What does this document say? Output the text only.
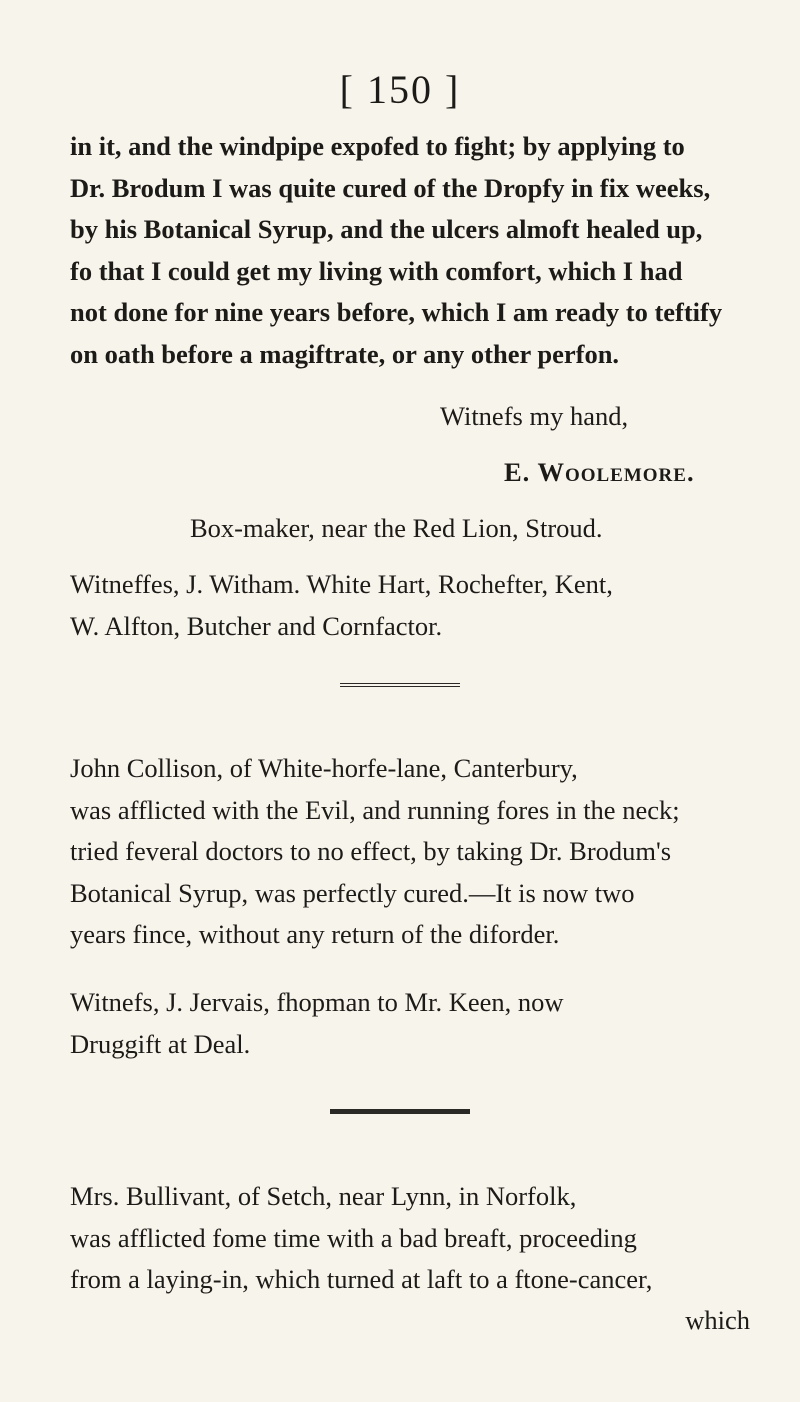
[ 150 ]
in it, and the windpipe expofed to fight; by applying to
Dr. Brodum I was quite cured of the Dropfy in fix weeks,
by his Botanical Syrup, and the ulcers almoft healed up,
fo that I could get my living with comfort, which I had
not done for nine years before, which I am ready to teftify
on oath before a magiftrate, or any other perfon.
Witnefs my hand,
E. Woolemore.
Box-maker, near the Red Lion, Stroud.
Witneffes, J. Witham. White Hart, Rochefter, Kent,
W. Alfton, Butcher and Cornfactor.
John Collison, of White-horfe-lane, Canterbury,
was afflicted with the Evil, and running fores in the neck;
tried feveral doctors to no effect, by taking Dr. Brodum's
Botanical Syrup, was perfectly cured.—It is now two
years fince, without any return of the diforder.
Witnefs, J. Jervais, fhopman to Mr. Keen, now
Druggift at Deal.
Mrs. Bullivant, of Setch, near Lynn, in Norfolk,
was afflicted fome time with a bad breaft, proceeding
from a laying-in, which turned at laft to a ftone-cancer,
which
